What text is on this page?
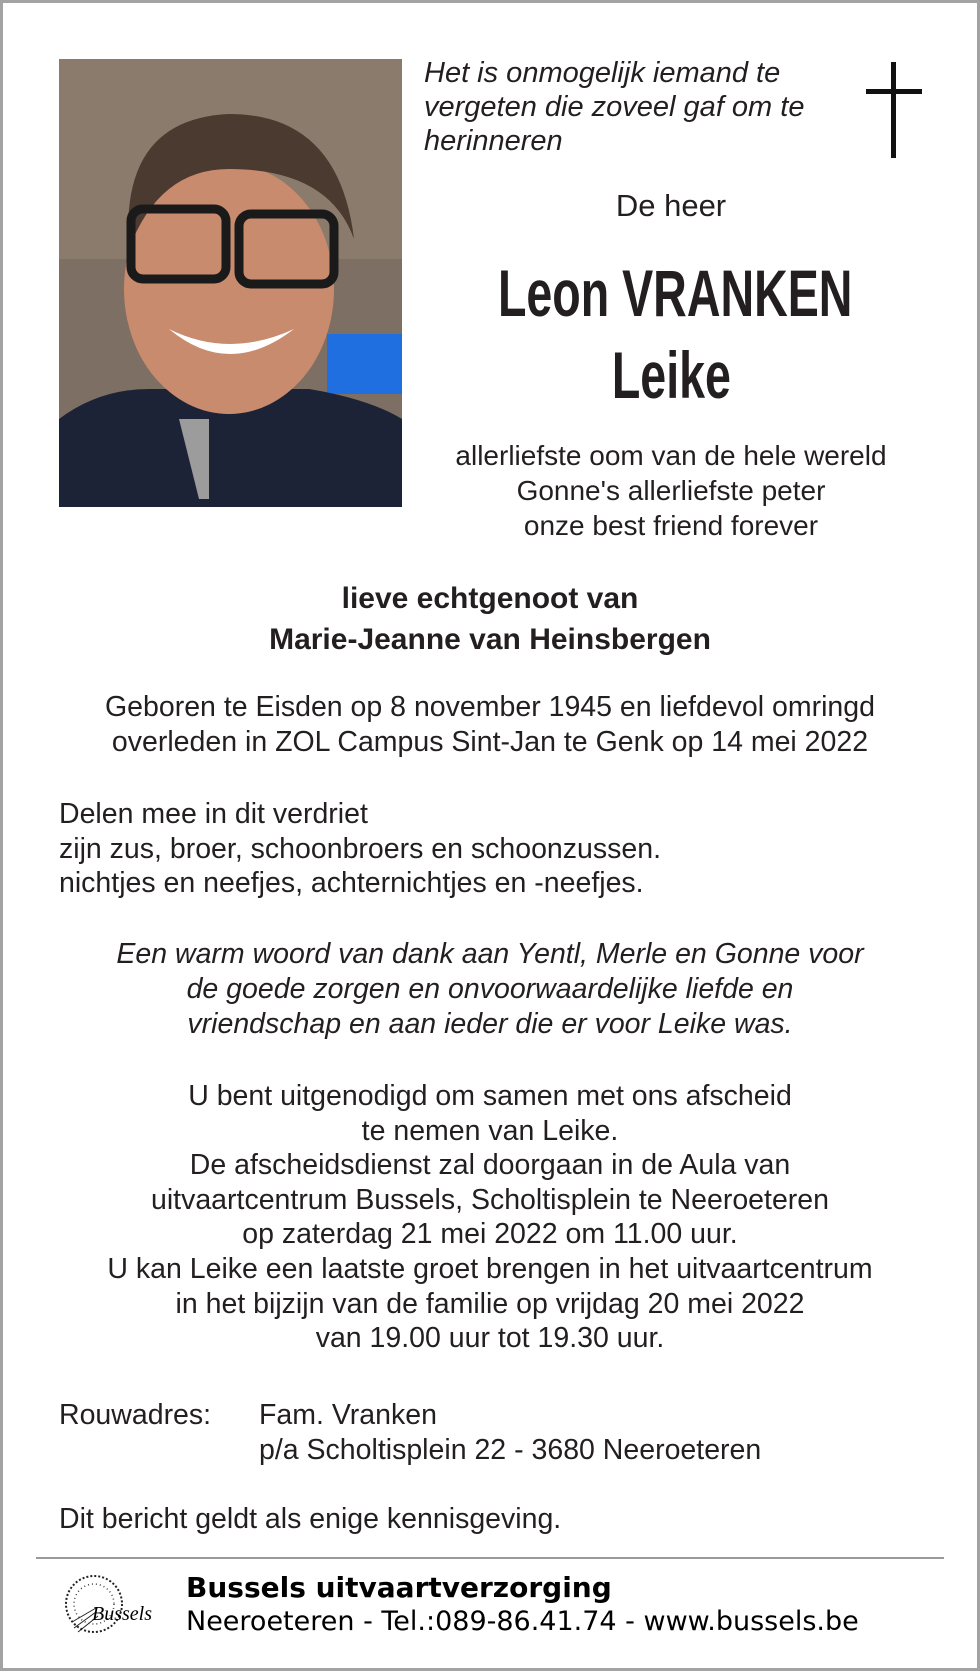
Het is onmogelijk iemand te
vergeten die zoveel gaf om te
herinneren
De heer
Leon VRANKEN Leike
allerliefste oom van de hele wereld
Gonne's allerliefste peter
onze best friend forever
lieve echtgenoot van
Marie-Jeanne van Heinsbergen
Geboren te Eisden op 8 november 1945 en liefdevol omringd
overleden in ZOL Campus Sint-Jan te Genk op 14 mei 2022
Delen mee in dit verdriet
zijn zus, broer, schoonbroers en schoonzussen.
nichtjes en neefjes, achternichtjes en -neefjes.
Een warm woord van dank aan Yentl, Merle en Gonne voor
de goede zorgen en onvoorwaardelijke liefde en
vriendschap en aan ieder die er voor Leike was.
U bent uitgenodigd om samen met ons afscheid
te nemen van Leike.
De afscheidsdienst zal doorgaan in de Aula van
uitvaartcentrum Bussels, Scholtisplein te Neeroeteren
op zaterdag 21 mei 2022 om 11.00 uur.
U kan Leike een laatste groet brengen in het uitvaartcentrum
in het bijzijn van de familie op vrijdag 20 mei 2022
van 19.00 uur tot 19.30 uur.
Rouwadres: Fam. Vranken
p/a Scholtisplein 22 - 3680 Neeroeteren
Dit bericht geldt als enige kennisgeving.
Bussels
Bussels uitvaartverzorging
Neeroeteren - Tel.:089-86.41.74 - www.bussels.be
